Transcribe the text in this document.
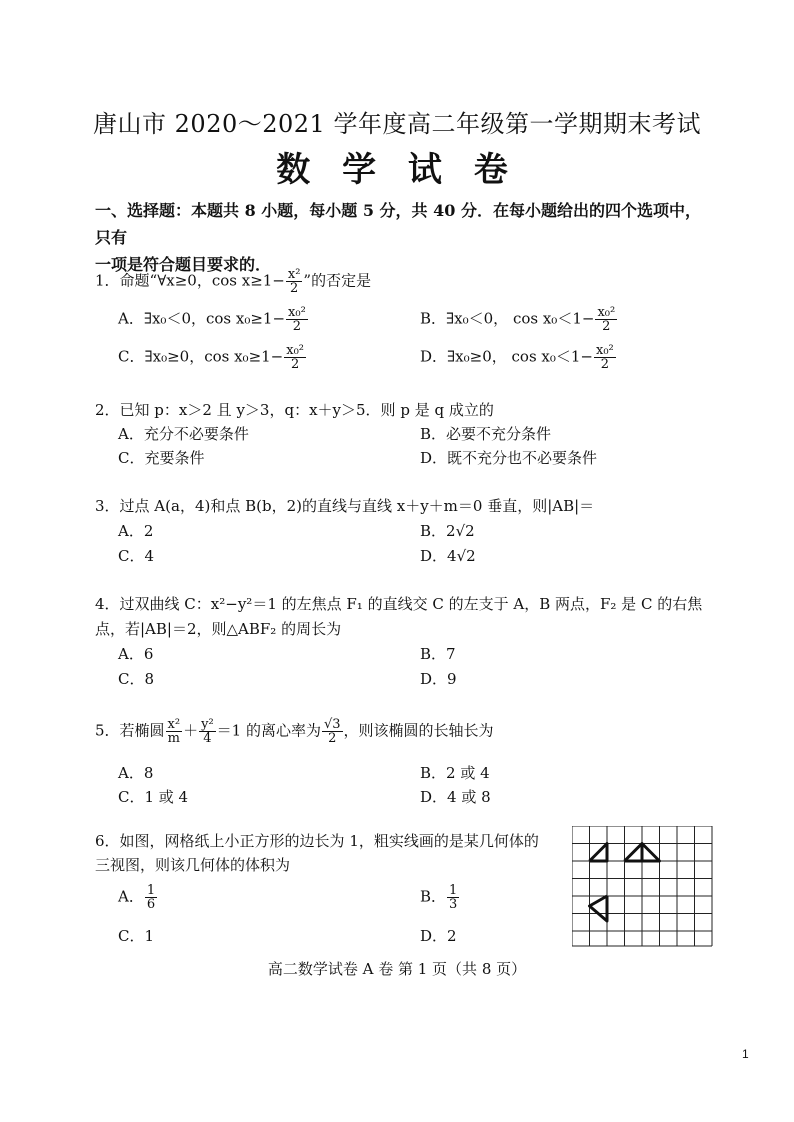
唐山市 2020～2021 学年度高二年级第一学期期末考试
数 学 试 卷
一、选择题：本题共 8 小题，每小题 5 分，共 40 分．在每小题给出的四个选项中，只有
一项是符合题目要求的．
1．命题“∀x≥0，$\cos x\ge 1- \frac{\text{x²}}{2}$ ”的否定是
A．∃x₀＜0，$\cos x_0\ge 1- \frac{\text{x₀²}}{2}$	B．∃x₀＜0， $\cos x_0<1- \frac{\text{x₀²}}{2}$
C．∃x₀≥0，$\cos x_0\ge 1- \frac{\text{x₀²}}{2}$	D．∃x₀≥0， $\cos x_0<1- \frac{\text{x₀²}}{2}$
2．已知 p：x＞2 且 y＞3，q：x＋y＞5．则 p 是 q 成立的
A．充分不必要条件	B．必要不充分条件
C．充要条件	D．既不充分也不必要条件
3．过点 A(a，4)和点 B(b，2)的直线与直线 x＋y＋m＝0 垂直，则|AB|＝
A．2	B．2√2
C．4	D．4√2
4．过双曲线 C：x²−y²＝1 的左焦点 F₁ 的直线交 C 的左支于 A，B 两点，F₂ 是 C 的右焦
点，若|AB|＝2，则△ABF₂ 的周长为
A．6	B．7
C．8	D．9
5．若椭圆 $\frac{\text{x²}}{m} + \frac{\text{y²}}{4} =1$ 的离心率为 $\frac{√3}{2}$ ，则该椭圆的长轴长为
A．8	B．2 或 4
C．1 或 4	D．4 或 8
6．如图，网格纸上小正方形的边长为 1，粗实线画的是某几何体的
三视图，则该几何体的体积为
A． $\frac{1}{6}$	B． $\frac{1}{3}$
C．1	D．2
高二数学试卷 A 卷 第 1 页（共 8 页）
1
